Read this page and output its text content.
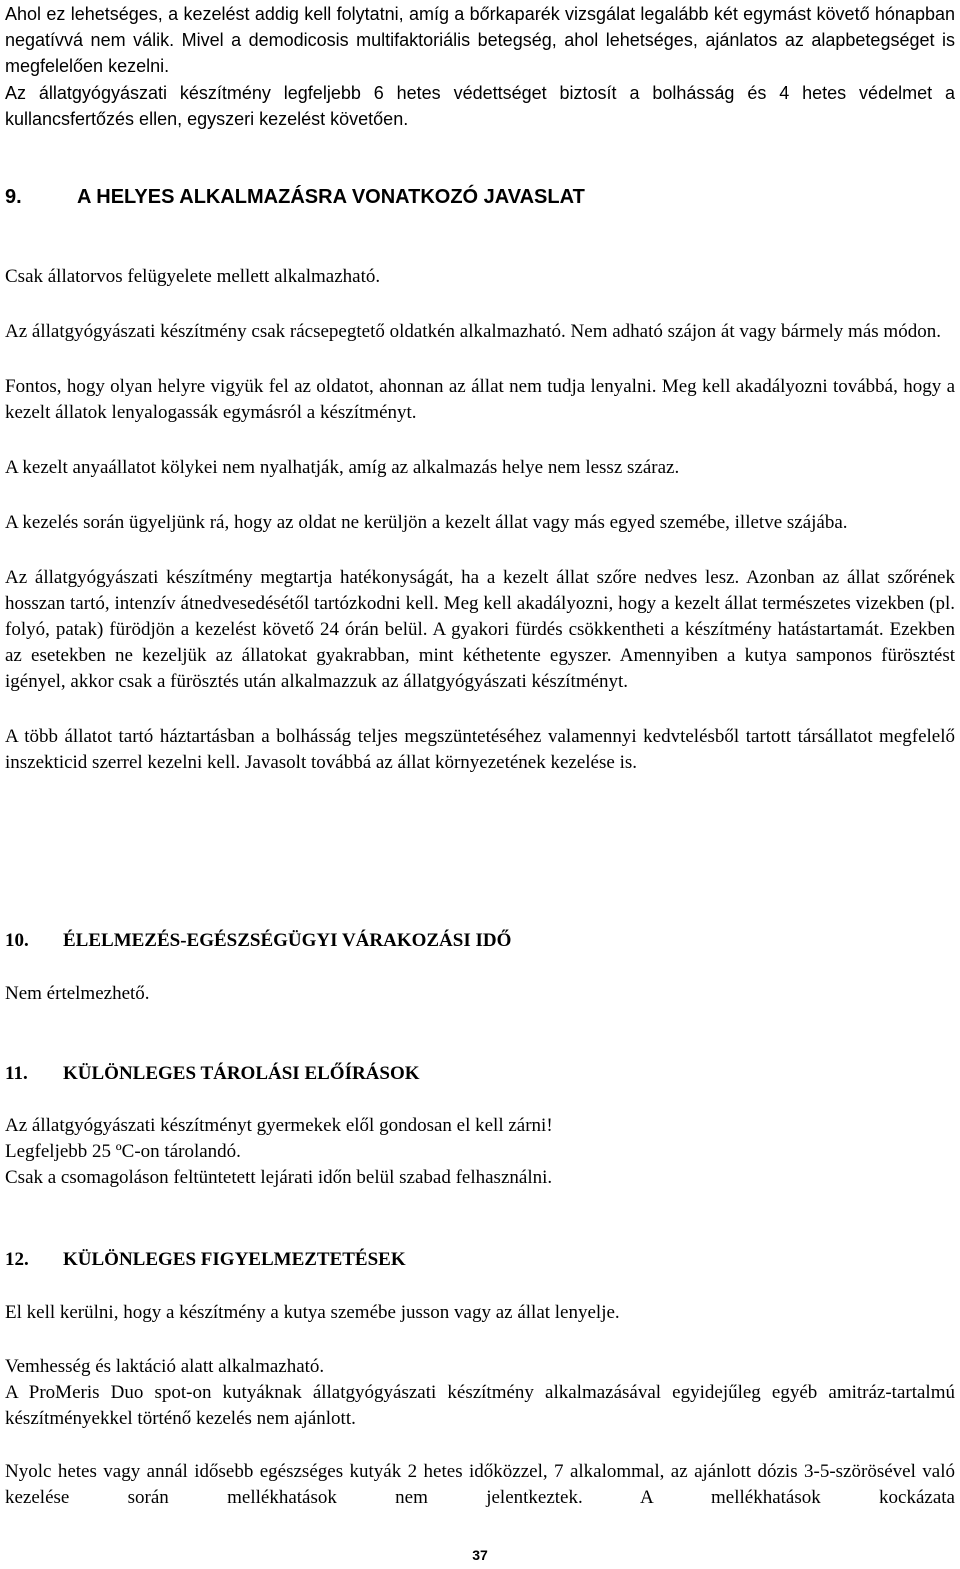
Ahol ez lehetséges, a kezelést addig kell folytatni, amíg a bőrkaparék vizsgálat legalább két egymást követő hónapban negatívvá nem válik. Mivel a demodicosis multifaktoriális betegség, ahol lehetséges, ajánlatos az alapbetegséget is megfelelően kezelni.

Az állatgyógyászati készítmény legfeljebb 6 hetes védettséget biztosít a bolhásság és 4 hetes védelmet a kullancsfertőzés ellen, egyszeri kezelést követően.

9.	A HELYES ALKALMAZÁSRA VONATKOZÓ JAVASLAT

Csak állatorvos felügyelete mellett alkalmazható.

Az állatgyógyászati készítmény csak rácsepegtető oldatkén alkalmazható. Nem adható szájon át vagy bármely más módon.

Fontos, hogy olyan helyre vigyük fel az oldatot, ahonnan az állat nem tudja lenyalni. Meg kell akadályozni továbbá, hogy a kezelt állatok lenyalogassák egymásról a készítményt.

A kezelt anyaállatot kölykei nem nyalhatják, amíg az alkalmazás helye nem lessz száraz.

A kezelés során ügyeljünk rá, hogy az oldat ne kerüljön a kezelt állat vagy más egyed szemébe, illetve szájába.

Az állatgyógyászati készítmény megtartja hatékonyságát, ha a kezelt állat szőre nedves lesz. Azonban az állat szőrének hosszan tartó, intenzív átnedvesedésétől tartózkodni kell. Meg kell akadályozni, hogy a kezelt állat természetes vizekben (pl. folyó, patak) fürödjön a kezelést követő 24 órán belül. A gyakori fürdés csökkentheti a készítmény hatástartamát. Ezekben az esetekben ne kezeljük az állatokat gyakrabban, mint kéthetente egyszer. Amennyiben a kutya samponos fürösztést igényel, akkor csak a fürösztés után alkalmazzuk az állatgyógyászati készítményt.

A több állatot tartó háztartásban a bolhásság teljes megszüntetéséhez valamennyi kedvtelésből tartott társállatot megfelelő inszekticid szerrel kezelni kell. Javasolt továbbá az állat környezetének kezelése is.

10.	ÉLELMEZÉS-EGÉSZSÉGÜGYI VÁRAKOZÁSI IDŐ

Nem értelmezhető.

11.	KÜLÖNLEGES TÁROLÁSI ELŐÍRÁSOK

Az állatgyógyászati készítményt gyermekek elől gondosan el kell zárni!

Legfeljebb 25 ºC-on tárolandó.

Csak a csomagoláson feltüntetett lejárati időn belül szabad felhasználni.

12.	KÜLÖNLEGES FIGYELMEZTETÉSEK

El kell kerülni, hogy a készítmény a kutya szemébe jusson vagy az állat lenyelje.

Vemhesség és laktáció alatt alkalmazható.

A ProMeris Duo spot-on kutyáknak állatgyógyászati készítmény alkalmazásával egyidejűleg egyéb amitráz-tartalmú készítményekkel történő kezelés nem ajánlott.

Nyolc hetes vagy annál idősebb egészséges kutyák 2 hetes időközzel, 7 alkalommal, az ajánlott dózis 3-5-szörösével való kezelése során mellékhatások nem jelentkeztek. A mellékhatások kockázata

37
